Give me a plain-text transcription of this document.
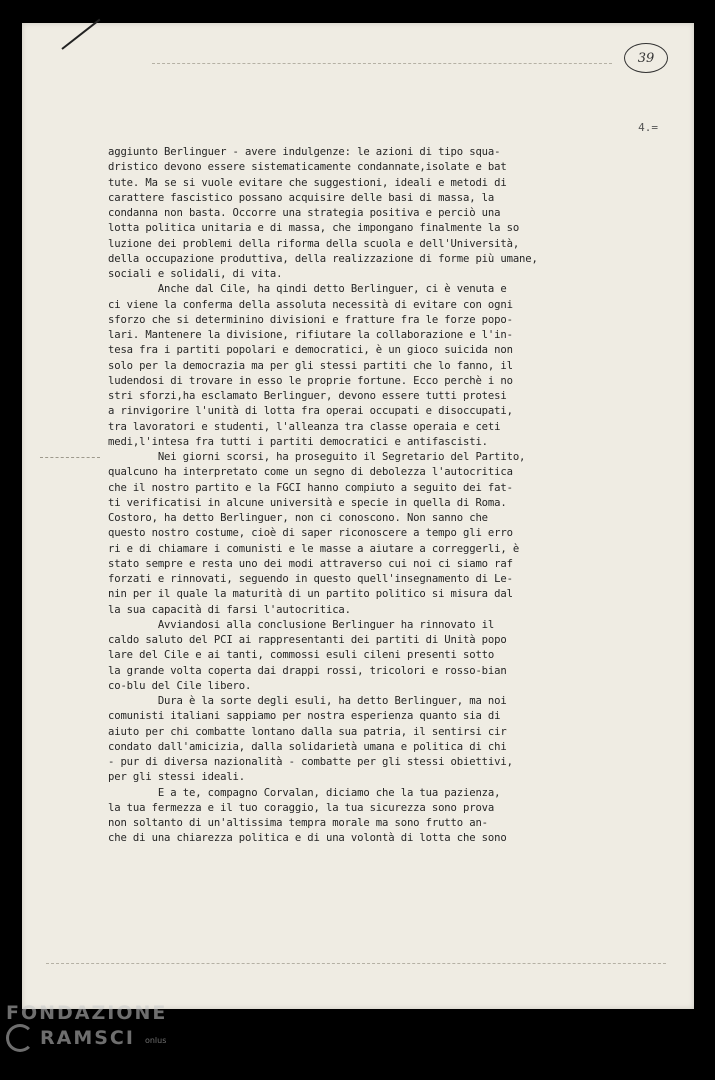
39
4.=
aggiunto Berlinguer - avere indulgenze: le azioni di tipo squa-
dristico devono essere sistematicamente condannate,isolate e bat
tute. Ma se si vuole evitare che suggestioni, ideali e metodi di
carattere fascistico possano acquisire delle basi di massa, la
condanna non basta. Occorre una strategia positiva e perciò una
lotta politica unitaria e di massa, che impongano finalmente la so
luzione dei problemi della riforma della scuola e dell'Università,
della occupazione produttiva, della realizzazione di forme più umane,
sociali e solidali, di vita.
Anche dal Cile, ha qindi detto Berlinguer, ci è venuta e
ci viene la conferma della assoluta necessità di evitare con ogni
sforzo che si determinino divisioni e fratture fra le forze popo-
lari. Mantenere la divisione, rifiutare la collaborazione e l'in-
tesa fra i partiti popolari e democratici, è un gioco suicida non
solo per la democrazia ma per gli stessi partiti che lo fanno, il
ludendosi di trovare in esso le proprie fortune. Ecco perchè i no
stri sforzi,ha esclamato Berlinguer, devono essere tutti protesi
a rinvigorire l'unità di lotta fra operai occupati e disoccupati,
tra lavoratori e studenti, l'alleanza tra classe operaia e ceti
medi,l'intesa fra tutti i partiti democratici e antifascisti.
Nei giorni scorsi, ha proseguito il Segretario del Partito,
qualcuno ha interpretato come un segno di debolezza l'autocritica
che il nostro partito e la FGCI hanno compiuto a seguito dei fat-
ti verificatisi in alcune università e specie in quella di Roma.
Costoro, ha detto Berlinguer, non ci conoscono. Non sanno che
questo nostro costume, cioè di saper riconoscere a tempo gli erro
ri e di chiamare i comunisti e le masse a aiutare a correggerli, è
stato sempre e resta uno dei modi attraverso cui noi ci siamo raf
forzati e rinnovati, seguendo in questo quell'insegnamento di Le-
nin per il quale la maturità di un partito politico si misura dal
la sua capacità di farsi l'autocritica.
Avviandosi alla conclusione Berlinguer ha rinnovato il
caldo saluto del PCI ai rappresentanti dei partiti di Unità popo
lare del Cile e ai tanti, commossi esuli cileni presenti sotto
la grande volta coperta dai drappi rossi, tricolori e rosso-bian
co-blu del Cile libero.
Dura è la sorte degli esuli, ha detto Berlinguer, ma noi
comunisti italiani sappiamo per nostra esperienza quanto sia di
aiuto per chi combatte lontano dalla sua patria, il sentirsi cir
condato dall'amicizia, dalla solidarietà umana e politica di chi
- pur di diversa nazionalità - combatte per gli stessi obiettivi,
per gli stessi ideali.
E a te, compagno Corvalan, diciamo che la tua pazienza,
la tua fermezza e il tuo coraggio, la tua sicurezza sono prova
non soltanto di un'altissima tempra morale ma sono frutto an-
che di una chiarezza politica e di una volontà di lotta che sono
FONDAZIONE
RAMSCI onlus
